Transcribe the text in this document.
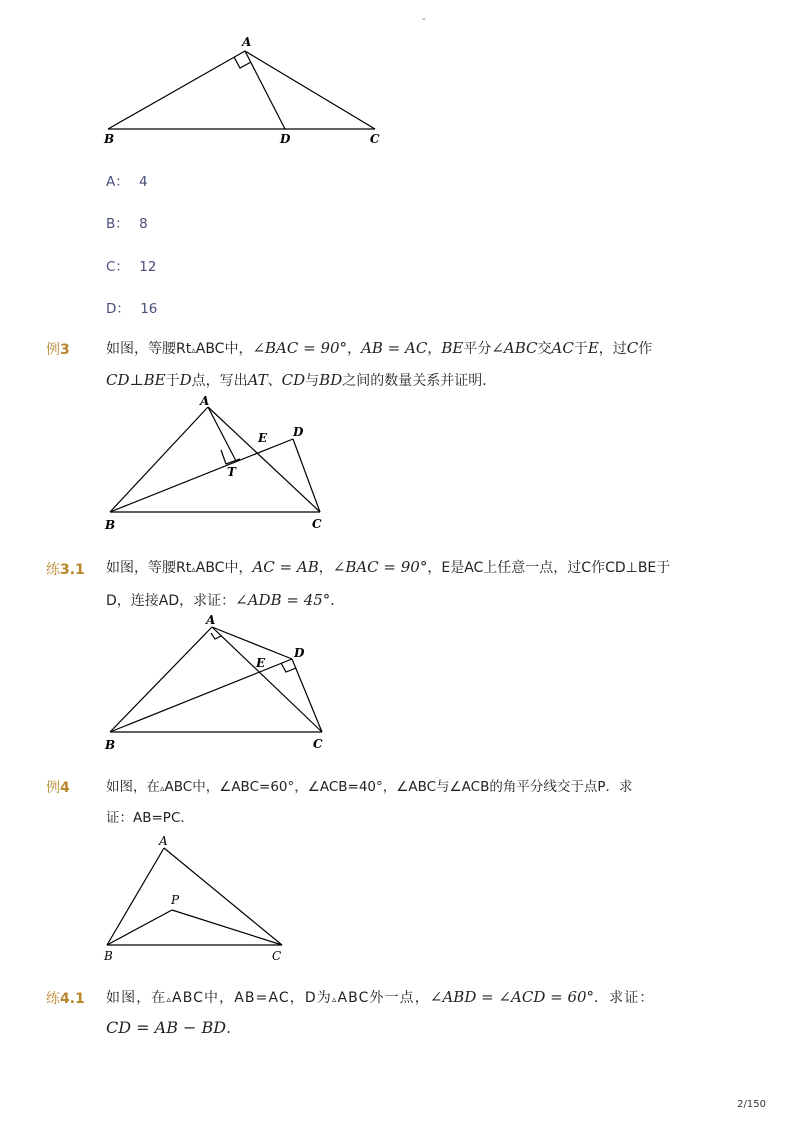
-
A
B	D	C
A： 4
B： 8
C： 12
D： 16
例3	如图，等腰Rt▵ABC中，∠BAC = 90°，AB = AC，BE平分∠ABC交AC于E，过C作
CD⊥BE于D点，写出AT、CD与BD之间的数量关系并证明．
A
E D
T
B	C
练3.1 如图，等腰Rt▵ABC中，AC = AB，∠BAC = 90°，E是AC上任意一点，过C作CD⊥BE于
D，连接AD，求证：∠ADB = 45°．
A
E
D
B	C
例4	如图，在▵ABC中，∠ABC=60°，∠ACB=40°，∠ABC与∠ACB的角平分线交于点P．求
证：AB=PC．
A
P
B	C
练4.1 如图，在▵ABC中，AB=AC，D为▵ABC外一点，∠ABD = ∠ACD = 60°．求证：
CD = AB − BD.
2/150
